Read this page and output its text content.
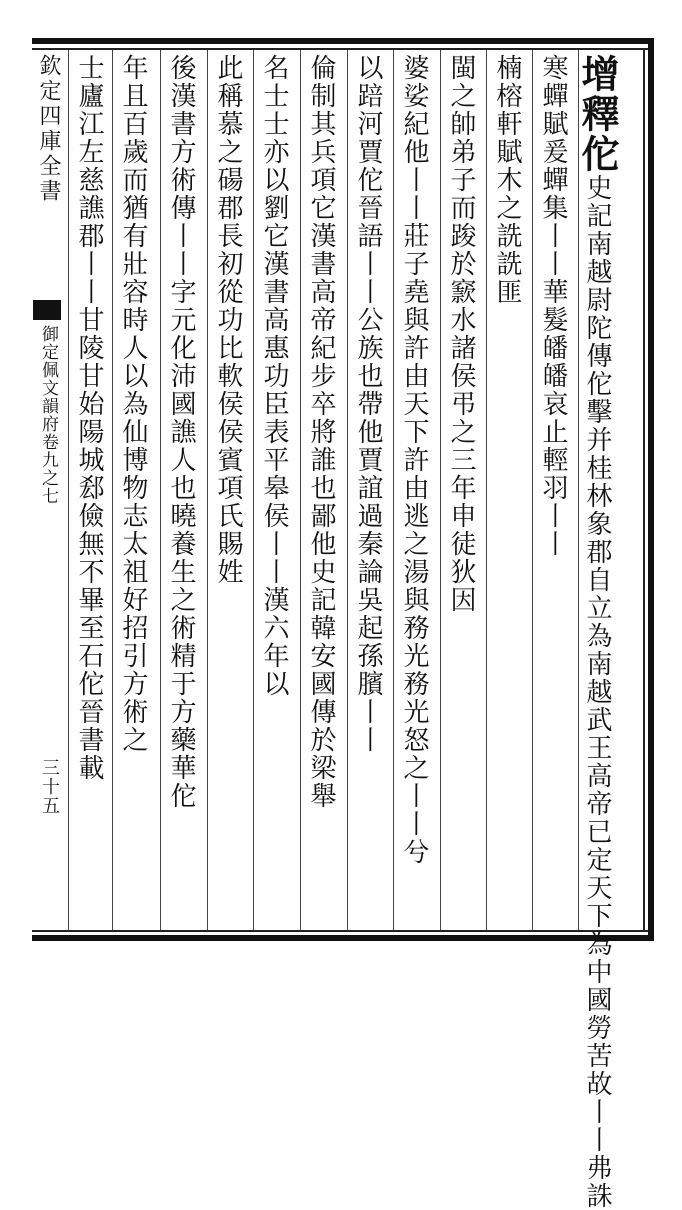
欽定四庫全書
御定佩文韻府卷九之七
三十五
增釋佗史記南越尉陀傳佗擊并桂林象郡自立為南越武王高帝已定天下為中國勞苦故丨丨弗誅
寒蟬賦爰蟬集丨丨華髮皤皤哀止輕羽丨丨
楠榕軒賦木之詵詵匪
閩之帥弟子而踆於窾水諸侯弔之三年申徒狄因
婆娑紀他丨丨莊子堯與許由天下許由逃之湯與務光務光怒之丨丨兮
以踣河賈佗晉語丨丨公族也帶他賈誼過秦論吳起孫臏丨丨
倫制其兵項它漢書高帝紀步卒將誰也鄙他史記韓安國傳於梁舉
名士士亦以劉它漢書高惠功臣表平皋侯丨丨漢六年以
此稱慕之碭郡長初從功比軟侯侯賓項氏賜姓
後漢書方術傳丨丨字元化沛國譙人也曉養生之術精于方藥華佗
年且百歲而猶有壯容時人以為仙博物志太祖好招引方術之
士廬江左慈譙郡丨丨甘陵甘始陽城郄儉無不畢至石佗晉書載
